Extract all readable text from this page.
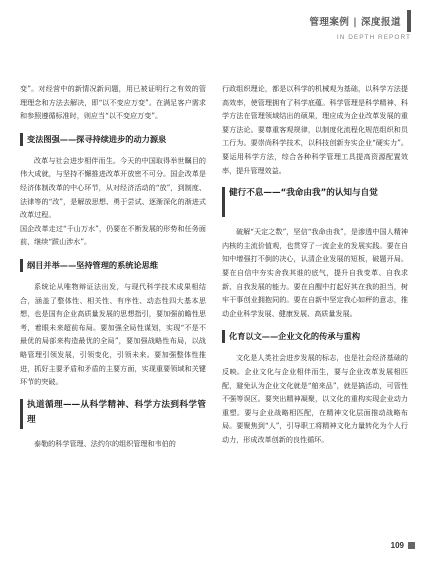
管理案例 | 深度报道
IN DEPTH REPORT

变”。对经营中的新情况新问题，用已被证明行之有效的管理理念和方法去解决，即“以不变应万变”。在满足客户需求和参照遵循标准时，则应当“以不变应万变”。

变法图强——探寻持续进步的动力源泉

改革与社会进步相伴而生。今天的中国取得举世瞩目的伟大成就，与坚持不懈推进改革开放密不可分。国企改革是经济体制改革的中心环节，从对经济活动的“放”，到制度、法律等的“改”，是解放思想、勇于尝试、逐渐深化的渐进式改革过程。

国企改革走过“千山万水”，仍要在不断发展的形势和任务面前，继续“跋山涉水”。

纲目并举——坚持管理的系统论思维

系统论从唯物辩证法出发，与现代科学技术成果相结合，涵盖了整体性、相关性、有序性、动态性四大基本思想，也是国有企业高质量发展的思想指引，要加强前瞻性思考，着眼未来超前布局。要加强全局性谋划，实现“不是不最优的局部来构造最优的全局”，要加强战略性布局，以战略管理引领发展，引领变化，引领未来。要加强整体性推进，抓好主要矛盾和矛盾的主要方面，实现重要领域和关键环节的突破。

执道循理——从科学精神、科学方法到科学管理

泰勒的科学管理、法约尔的组织管理和韦伯的

行政组织理论，都是以科学的机械观为基础，以科学方法提高效率，使管理拥有了科学底蕴。科学管理是科学精神、科学方法在管理领域结出的硕果，理应成为企业改革发展的重要方法论。要尊重客观规律，以制度化流程化规范组织和员工行为。要崇尚科学技术，以科技创新夯实企业“硬实力”。要运用科学方法，综合各种科学管理工具提高资源配置效率，提升管理效益。

健行不息——“我命由我”的认知与自觉

破解“天定之数”，坚信“我命由我”，是渗透中国人精神内核的主流价值观，也贯穿了一流企业的发展实践。要在自知中增强打不倒的决心，认清企业发展的短板，破题开局。要在自信中夯实舍我其谁的底气，提升自我变革、自我求新、自我发展的能力。要在自醒中打起好其在我的担当，树牢干事创业拥抱同的。要在自新中坚定我心如秤的意志，推动企业科学发展、健康发展、高质量发展。

化育以文——企业文化的传承与重构

文化是人类社会进步发展的标志，也是社会经济基础的反映。企业文化与企业相伴而生，要与企业改革发展相匹配，避免认为企业文化就是“舶来品”，就是搞活动，可管性不强等误区。要突出精神凝聚，以文化的重构实现企业动力重塑。要与企业战略相匹配，在精神文化层面推动战略布局。要聚焦到“人”，引导职工将精神文化力量转化为个人行动力，形成改革创新的良性循环。

109
